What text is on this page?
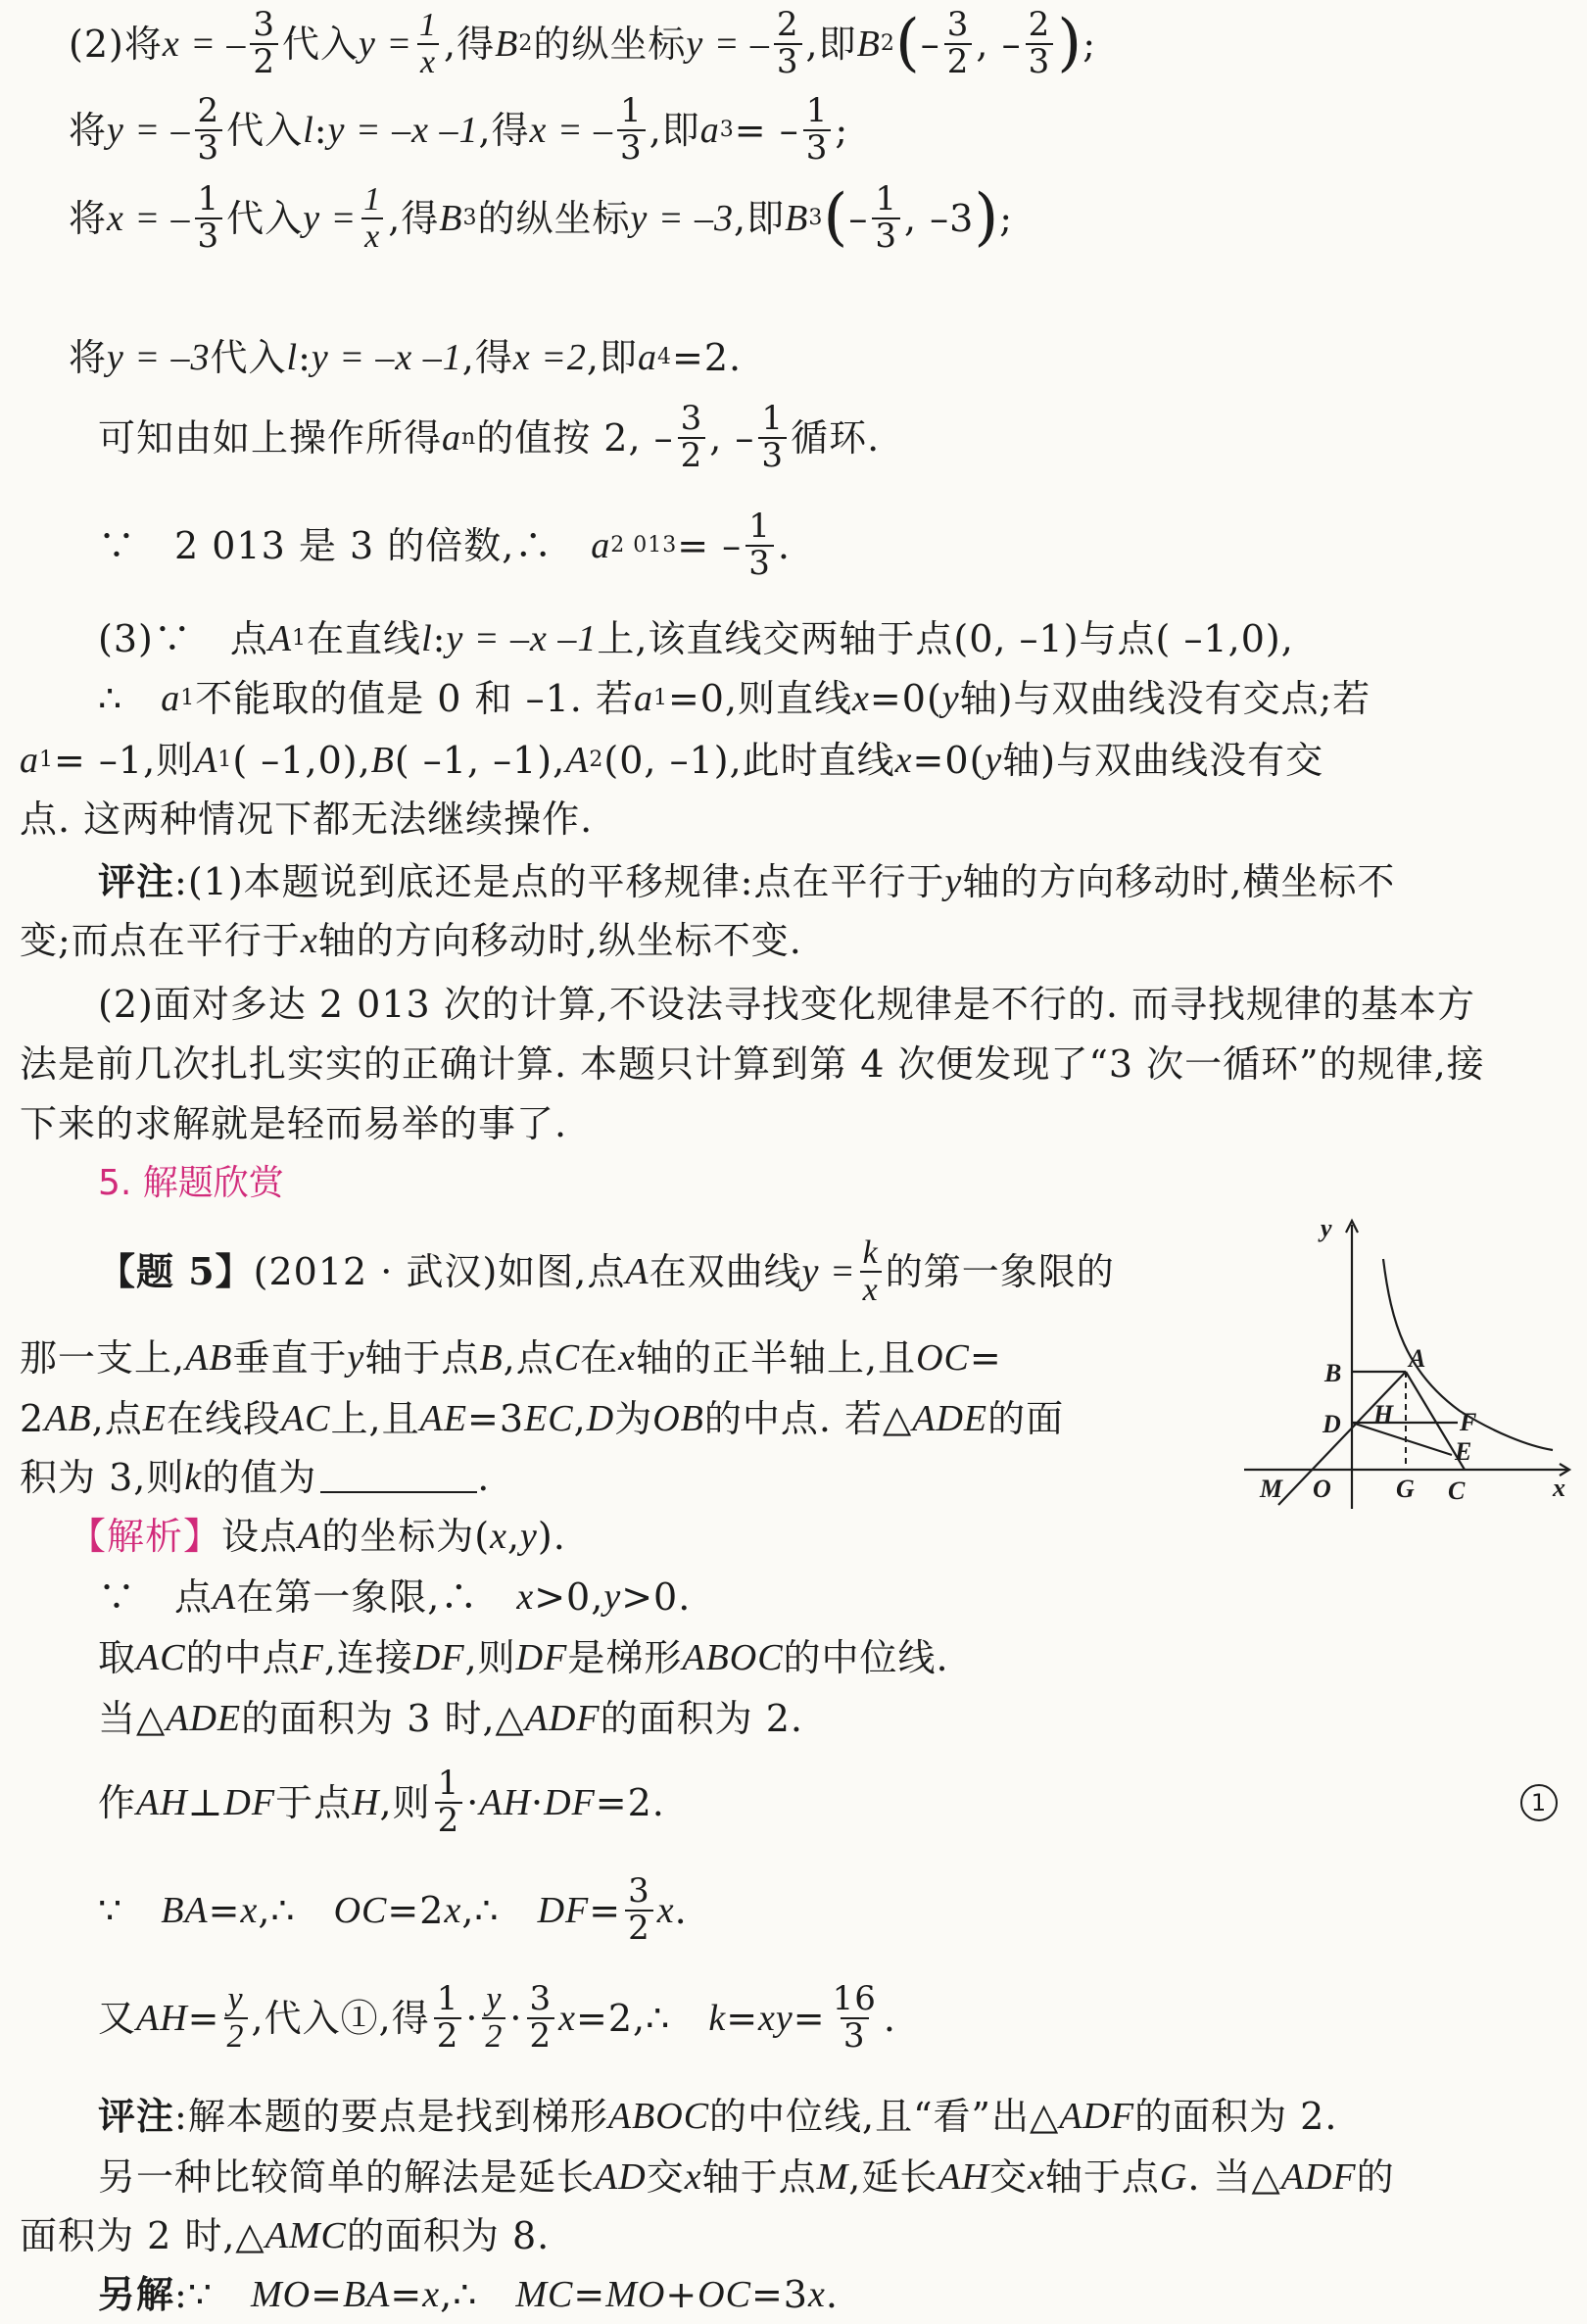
(2)将 x = – $\frac{3}{2}$ 代入 $y = \frac{1}{x}$ ,得 B 2 的纵坐标 y = – $\frac{2}{3}$ ,即 B 2 ( – $\frac{3}{2}$ , – $\frac{2}{3}$ ) ;
将 y = – $\frac{2}{3}$ 代入 l : y = –x –1 ,得 x = – $\frac{1}{3}$ ,即 a 3 = – $\frac{1}{3}$ ;
将 x = – $\frac{1}{3}$ 代入 $y = \frac{1}{x}$ ,得 B 3 的纵坐标 y = –3 ,即 B 3 ( – $\frac{1}{3}$ , –3 ) ;
将 y = –3 代入 l : y = –x –1 ,得 x =2 ,即 a 4 =2.
可知由如上操作所得 a n 的值按 2, – $\frac{3}{2}$ , – $\frac{1}{3}$ 循环.
∵　2 013 是 3 的倍数,∴　 a 2 013 = – $\frac{1}{3}$ .
(3)∵　点 A 1 在直线 l : y = –x –1 上,该直线交两轴于点(0, –1)与点( –1,0),
∴　 a 1 不能取的值是 0 和 –1. 若 a 1 =0,则直线 x =0( y 轴)与双曲线没有交点;若
a 1 = –1,则 A 1 ( –1,0), B ( –1, –1), A 2 (0, –1),此时直线 x =0( y 轴)与双曲线没有交
点. 这两种情况下都无法继续操作.
评注 :(1)本题说到底还是点的平移规律:点在平行于 y 轴的方向移动时,横坐标不
变;而点在平行于 x 轴的方向移动时,纵坐标不变.
(2)面对多达 2 013 次的计算,不设法寻找变化规律是不行的. 而寻找规律的基本方
法是前几次扎扎实实的正确计算. 本题只计算到第 4 次便发现了“3 次一循环”的规律,接
下来的求解就是轻而易举的事了.
5. 解题欣赏
【题 5】 (2012 · 武汉)如图,点 A 在双曲线 $y = \frac{k}{x}$ 的第一象限的
那一支上, AB 垂直于 y 轴于点 B ,点 C 在 x 轴的正半轴上,且 OC =
2 AB ,点 E 在线段 AC 上,且 AE =3 EC , D 为 OB 的中点. 若△ ADE 的面
积为 3,则 k 的值为	.
y
x
B
A
D H	F
E
M O	G C
【解析】 设点 A 的坐标为( x , y ).
∵　点 A 在第一象限,∴　 x >0, y >0.
取 AC 的中点 F ,连接 DF ,则 DF 是梯形 ABOC 的中位线.
当△ ADE 的面积为 3 时,△ ADF 的面积为 2.
作 AH ⊥ DF 于点 H ,则 $\frac{1}{2}$ · AH · DF =2.	1
∵　 BA = x ,∴　 OC =2 x ,∴　 DF = $\frac{3}{2}$ x .
又 AH = $\frac{y}{2}$ ,代入①,得 $\frac{1}{2} \cdot \frac{y}{2} \cdot \frac{3}{2}$ x =2,∴　 k = xy = $\frac{16}{3}$ .
评注 :解本题的要点是找到梯形 ABOC 的中位线,且“看”出△ ADF 的面积为 2.
另一种比较简单的解法是延长 AD 交 x 轴于点 M ,延长 AH 交 x 轴于点 G . 当△ ADF 的
面积为 2 时,△ AMC 的面积为 8.
另解 :∵　 MO = BA = x ,∴　 MC = MO + OC =3 x .
